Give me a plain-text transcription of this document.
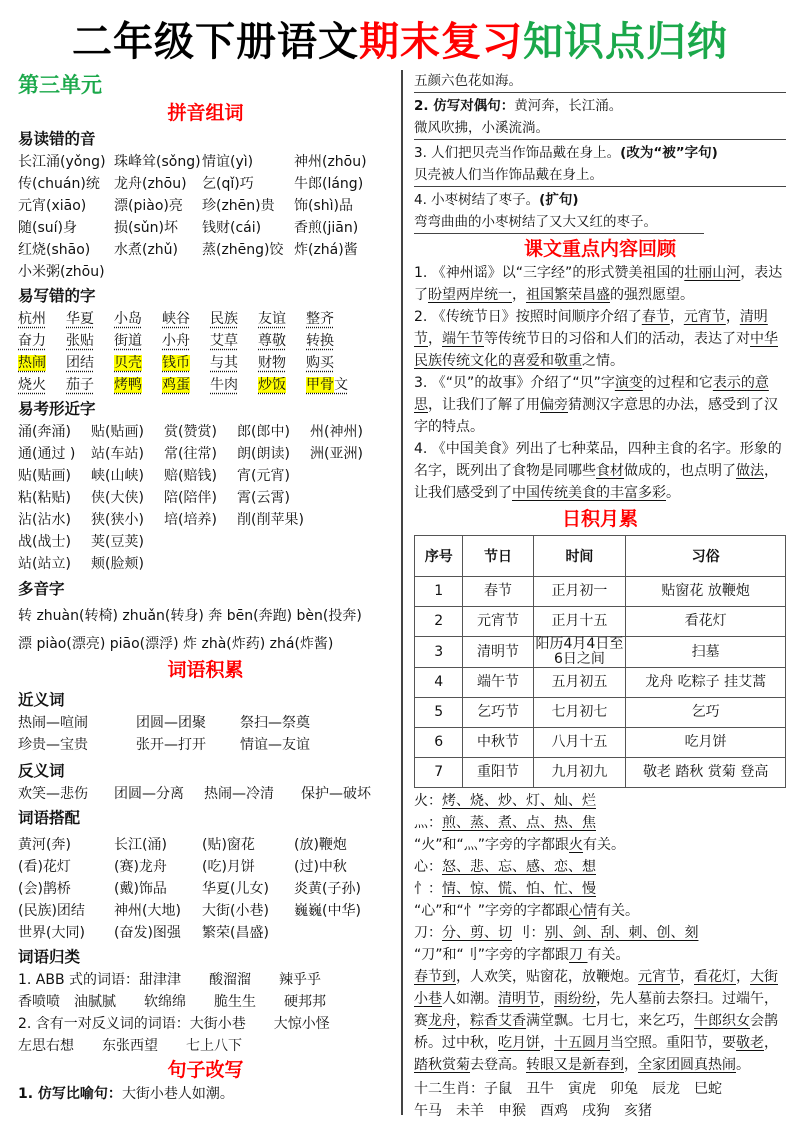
二年级下册语文期末复习知识点归纳
第三单元
拼音组词
易读错的音
长江涌(yǒng) 珠峰耸(sǒng) 情谊(yì)	神州(zhōu)
传(chuán)统	龙舟(zhōu)	乞(qǐ)巧	牛郎(láng)
元宵(xiāo)	漂(piào)亮	珍(zhēn)贵	饰(shì)品
随(suí)身	损(sǔn)坏	钱财(cái)	香煎(jiān)
红烧(shāo)	水煮(zhǔ)	蒸(zhēng)饺 炸(zhá)酱
小米粥(zhōu)
易写错的字
杭州	华夏	小岛	峡谷	民族	友谊	整齐
奋力	张贴	街道	小舟	艾草	尊敬	转换
热闹	团结	贝壳	钱币	与其	财物	购买
烧火	茄子	烤鸭	鸡蛋	牛肉	炒饭	甲骨文
易考形近字
涌(奔涌)	贴(贴画)	赏(赞赏)	郎(郎中)	州(神州)
通(通过 )	站(车站)	常(往常)	朗(朗读)	洲(亚洲)
贴(贴画)	峡(山峡)	赔(赔钱)	宵(元宵)
粘(粘贴)	侠(大侠)	陪(陪伴)	霄(云霄)
沾(沾水)	狭(狭小)	培(培养)	削(削苹果)
战(战士)	荚(豆荚)
站(站立)	颊(脸颊)
多音字
转 zhuàn(转椅) zhuǎn(转身) 奔 bēn(奔跑) bèn(投奔)
漂 piào(漂亮) piāo(漂浮) 炸 zhà(炸药) zhá(炸酱)
词语积累
近义词
热闹—喧闹	团圆—团聚	祭扫—祭奠
珍贵—宝贵	张开—打开	情谊—友谊
反义词
欢笑—悲伤	团圆—分离	热闹—冷清	保护—破坏
词语搭配
黄河(奔)	长江(涌)	(贴)窗花	(放)鞭炮
(看)花灯	(赛)龙舟	(吃)月饼	(过)中秋
(会)鹊桥	(戴)饰品	华夏(儿女)	炎黄(子孙)
(民族)团结	神州(大地)	大街(小巷)	巍巍(中华)
世界(大同)	(奋发)图强	繁荣(昌盛)
词语归类
1. ABB 式的词语：甜津津　　酸溜溜　　辣乎乎
香喷喷　油腻腻　　软绵绵　　脆生生　　硬邦邦
2. 含有一对反义词的词语：大街小巷　　大惊小怪
左思右想　　东张西望　　七上八下
句子改写
1. 仿写比喻句：大街小巷人如潮。
五颜六色花如海。
2. 仿写对偶句：黄河奔，长江涌。
微风吹拂，小溪流淌。
3. 人们把贝壳当作饰品戴在身上。(改为“被”字句)
贝壳被人们当作饰品戴在身上。
4. 小枣树结了枣子。(扩句)
弯弯曲曲的小枣树结了又大又红的枣子。
课文重点内容回顾
1. 《神州谣》以“三字经”的形式赞美祖国的壮丽山河，表达了盼望两岸统一，祖国繁荣昌盛的强烈愿望。
2. 《传统节日》按照时间顺序介绍了春节，元宵节，清明节，端午节等传统节日的习俗和人们的活动，表达了对中华民族传统文化的喜爱和敬重之情。
3. 《“贝”的故事》介绍了“贝”字演变的过程和它表示的意思，让我们了解了用偏旁猜测汉字意思的办法，感受到了汉字的特点。
4. 《中国美食》列出了七种菜品，四种主食的名字。形象的名字，既列出了食物是同哪些食材做成的，也点明了做法，让我们感受到了中国传统美食的丰富多彩。
日积月累
序号	节日	时间	习俗
1	春节	正月初一	贴窗花 放鞭炮
2	元宵节	正月十五	看花灯
3	清明节	阳历4月4日至6日之间	扫墓
4	端午节	五月初五	龙舟 吃粽子 挂艾蒿
5	乞巧节	七月初七	乞巧
6	中秋节	八月十五	吃月饼
7	重阳节	九月初九	敬老 踏秋 赏菊 登高
火：烤、烧、炒、灯、灿、烂
灬：煎、蒸、煮、点、热、焦
“火”和“灬”字旁的字都跟火有关。
心：怒、悲、忘、感、恋、想
忄：情、惊、慌、怕、忙、慢
“心”和“忄”字旁的字都跟心情有关。
刀：分、剪、切 刂：别、剑、刮、刺、创、刻
“刀”和“刂”字旁的字都跟刀 有关。
春节到，人欢笑，贴窗花，放鞭炮。元宵节，看花灯，大街小巷人如潮。清明节，雨纷纷，先人墓前去祭扫。过端午，赛龙舟，粽香艾香满堂飘。七月七，来乞巧，牛郎织女会鹊桥。过中秋，吃月饼，十五圆月当空照。重阳节，要敬老，踏秋赏菊去登高。转眼又是新春到，全家团圆真热闹。
十二生肖：子鼠　丑牛　寅虎　卯兔　辰龙　巳蛇
午马　未羊　申猴　酉鸡　戌狗　亥猪
